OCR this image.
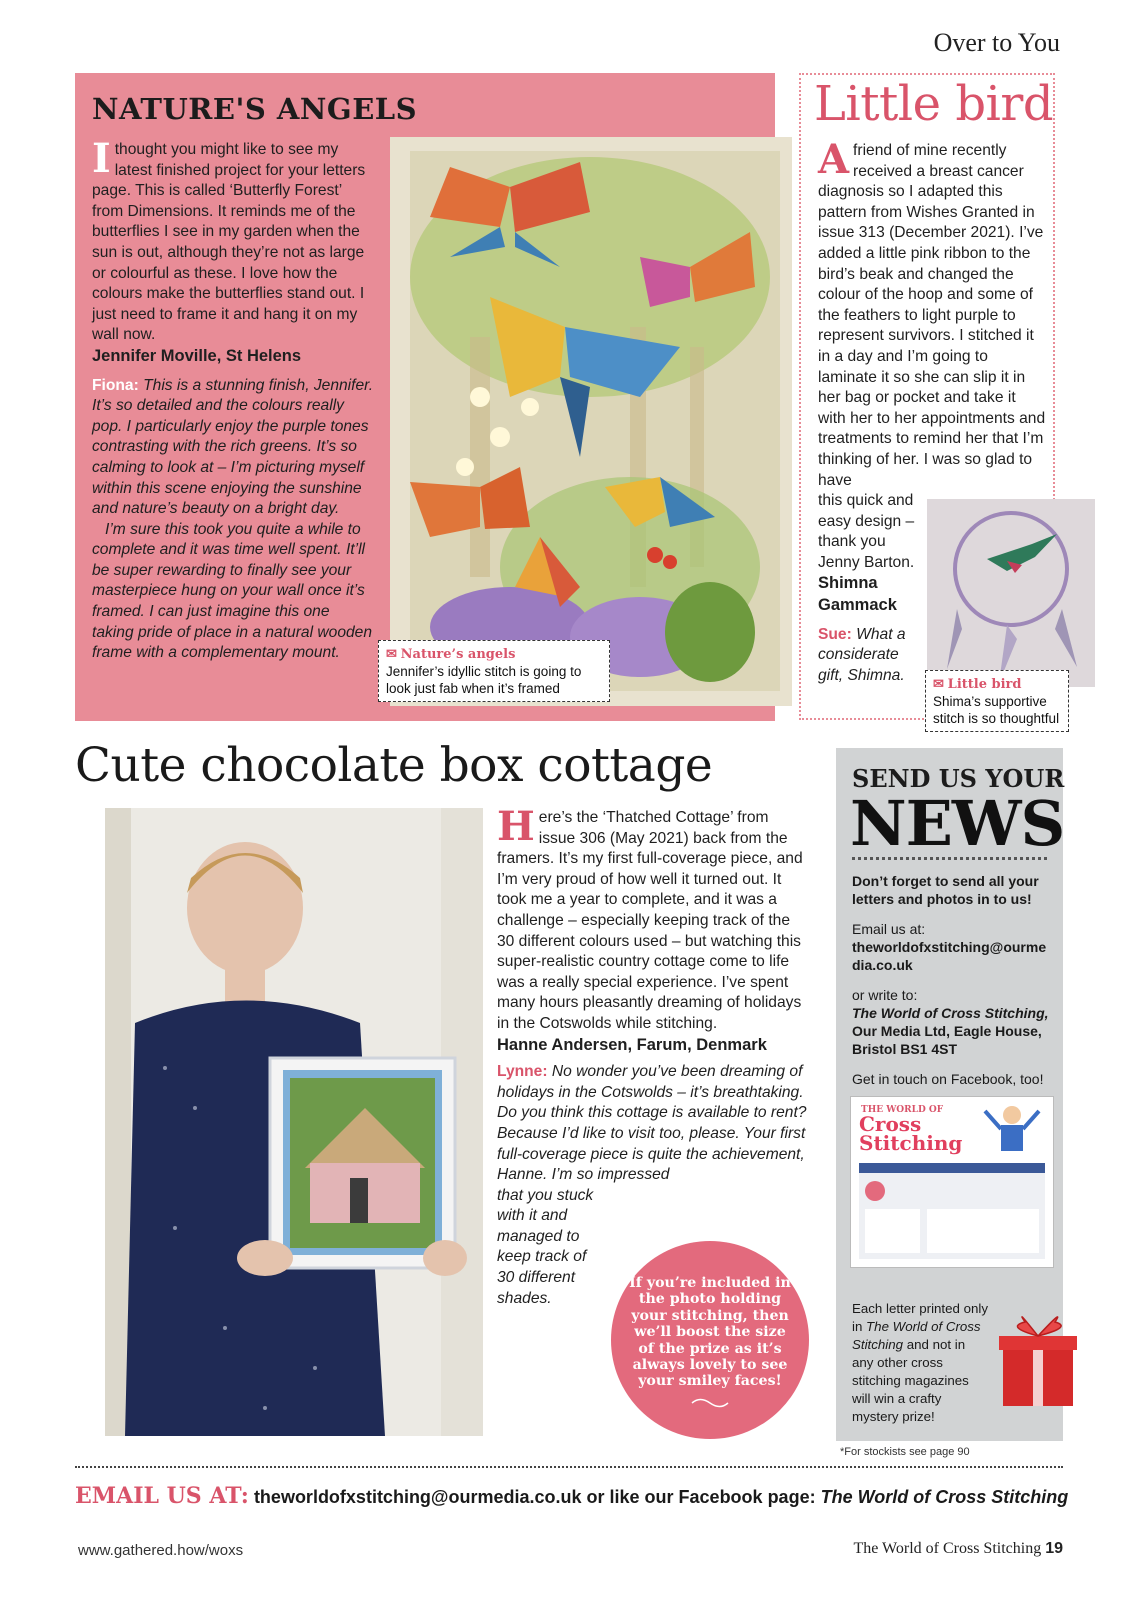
Over to You
NATURE'S ANGELS
Ithought you might like to see my latest finished project for your letters page. This is called ‘Butterfly Forest’ from Dimensions. It reminds me of the butterflies I see in my garden when the sun is out, although they’re not as large or colourful as these. I love how the colours make the butterflies stand out. I just need to frame it and hang it on my wall now.
Jennifer Moville, St Helens
Fiona: This is a stunning finish, Jennifer. It’s so detailed and the colours really pop. I particularly enjoy the purple tones contrasting with the rich greens. It’s so calming to look at – I’m picturing myself within this scene enjoying the sunshine and nature’s beauty on a bright day.
I’m sure this took you quite a while to complete and it was time well spent. It’ll be super rewarding to finally see your masterpiece hung on your wall once it’s framed. I can just imagine this one taking pride of place in a natural wooden frame with a complementary mount.	✉ Nature’s angels
Jennifer’s idyllic stitch is going to look just fab when it’s framed
Little bird
Afriend of mine recently received a breast cancer diagnosis so I adapted this pattern from Wishes Granted in issue 313 (December 2021). I’ve added a little pink ribbon to the bird’s beak and changed the colour of the hoop and some of the feathers to light purple to represent survivors. I stitched it in a day and I’m going to laminate it so she can slip it in her bag or pocket and take it with her to her appointments and treatments to remind her that I’m thinking of her. I was so glad to have
this quick and easy design – thank you Jenny Barton.
Shimna Gammack
Sue: What a considerate gift, Shimna.
✉ Little bird
Shima’s supportive stitch is so thoughtful
Cute chocolate box cottage
Here’s the ‘Thatched Cottage’ from issue 306 (May 2021) back from the framers. It’s my first full-coverage piece, and I’m very proud of how well it turned out. It took me a year to complete, and it was a challenge – especially keeping track of the 30 different colours used – but watching this super-realistic country cottage come to life was a really special experience. I’ve spent many hours pleasantly dreaming of holidays in the Cotswolds while stitching.
Hanne Andersen, Farum, Denmark
Lynne: No wonder you’ve been dreaming of holidays in the Cotswolds – it’s breathtaking. Do you think this cottage is available to rent? Because I’d like to visit too, please. Your first full-coverage piece is quite the achievement, Hanne. I’m so impressed
that you stuck with it and managed to keep track of 30 different shades.
If you’re included in the photo holding your stitching, then we’ll boost the size of the prize as it’s always lovely to see your smiley faces!
SEND US YOUR
NEWS

Don’t forget to send all your letters and photos in to us!

Email us at:
theworldofxstitching@ourmedia.co.uk

or write to:
The World of Cross Stitching,
Our Media Ltd, Eagle House, Bristol BS1 4ST

Get in touch on Facebook, too!

THE WORLD OF
Cross Stitching
Each letter printed only in The World of Cross Stitching and not in any other cross stitching magazines will win a crafty mystery prize!
*For stockists see page 90
EMAIL US AT: theworldofxstitching@ourmedia.co.uk or like our Facebook page: The World of Cross Stitching
www.gathered.how/woxs	The World of Cross Stitching 19
